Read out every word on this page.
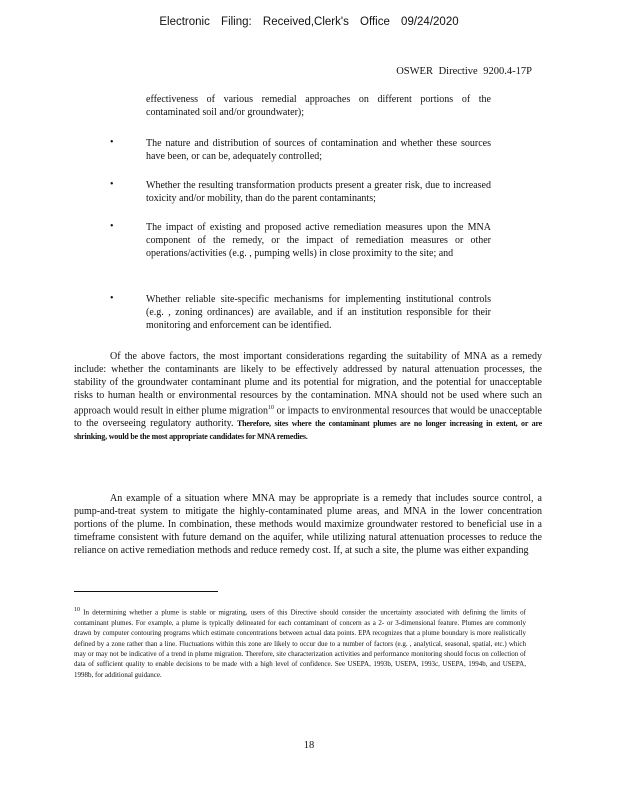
Electronic Filing: Received,Clerk's Office 09/24/2020
OSWER Directive 9200.4-17P
effectiveness of various remedial approaches on different portions of the contaminated soil and/or groundwater);
•	The nature and distribution of sources of contamination and whether these sources have been, or can be, adequately controlled;
•	Whether the resulting transformation products present a greater risk, due to increased toxicity and/or mobility, than do the parent contaminants;
•	The impact of existing and proposed active remediation measures upon the MNA component of the remedy, or the impact of remediation measures or other operations/activities (e.g. , pumping wells) in close proximity to the site; and
•	Whether reliable site-specific mechanisms for implementing institutional controls (e.g. , zoning ordinances) are available, and if an institution responsible for their monitoring and enforcement can be identified.
Of the above factors, the most important considerations regarding the suitability of MNA as a remedy include: whether the contaminants are likely to be effectively addressed by natural attenuation processes, the stability of the groundwater contaminant plume and its potential for migration, and the potential for unacceptable risks to human health or environmental resources by the contamination. MNA should not be used where such an approach would result in either plume migration$^{10}$ or impacts to environmental resources that would be unacceptable to the overseeing regulatory authority. Therefore, sites where the contaminant plumes are no longer increasing in extent, or are shrinking, would be the most appropriate candidates for MNA remedies.
An example of a situation where MNA may be appropriate is a remedy that includes source control, a pump-and-treat system to mitigate the highly-contaminated plume areas, and MNA in the lower concentration portions of the plume. In combination, these methods would maximize groundwater restored to beneficial use in a timeframe consistent with future demand on the aquifer, while utilizing natural attenuation processes to reduce the reliance on active remediation methods and reduce remedy cost. If, at such a site, the plume was either expanding
10 In determining whether a plume is stable or migrating, users of this Directive should consider the uncertainty associated with defining the limits of contaminant plumes. For example, a plume is typically delineated for each contaminant of concern as a 2- or 3-dimensional feature. Plumes are commonly drawn by computer contouring programs which estimate concentrations between actual data points. EPA recognizes that a plume boundary is more realistically defined by a zone rather than a line. Fluctuations within this zone are likely to occur due to a number of factors (e.g. , analytical, seasonal, spatial, etc.) which may or may not be indicative of a trend in plume migration. Therefore, site characterization activities and performance monitoring should focus on collection of data of sufficient quality to enable decisions to be made with a high level of confidence. See USEPA, 1993b, USEPA, 1993c, USEPA, 1994b, and USEPA, 1998b, for additional guidance.
18
